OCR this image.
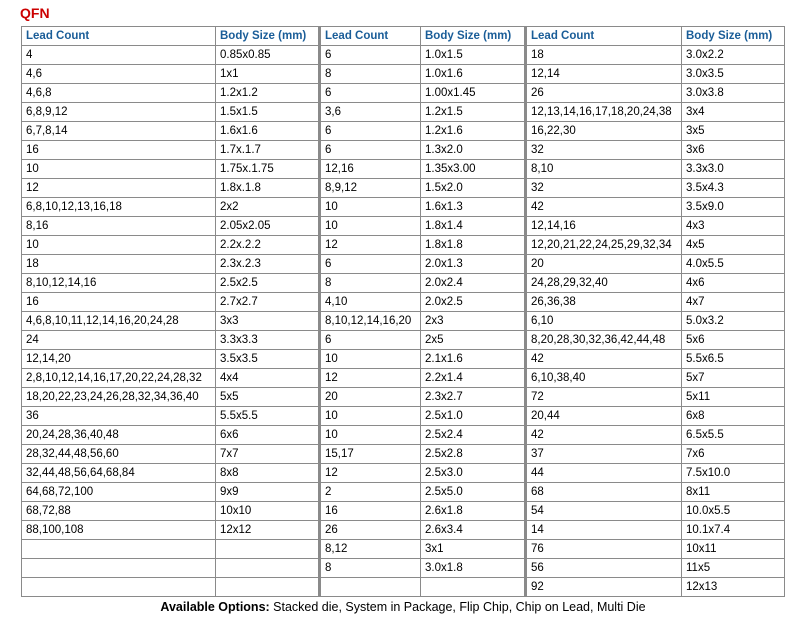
QFN
Lead Count	Body Size (mm)	Lead Count	Body Size (mm)	Lead Count	Body Size (mm)
4	0.85x0.85	6	1.0x1.5	18	3.0x2.2
4,6	1x1	8	1.0x1.6	12,14	3.0x3.5
4,6,8	1.2x1.2	6	1.00x1.45	26	3.0x3.8
6,8,9,12	1.5x1.5	3,6	1.2x1.5	12,13,14,16,17,18,20,24,38	3x4
6,7,8,14	1.6x1.6	6	1.2x1.6	16,22,30	3x5
16	1.7x.1.7	6	1.3x2.0	32	3x6
10	1.75x.1.75	12,16	1.35x3.00	8,10	3.3x3.0
12	1.8x.1.8	8,9,12	1.5x2.0	32	3.5x4.3
6,8,10,12,13,16,18	2x2	10	1.6x1.3	42	3.5x9.0
8,16	2.05x2.05	10	1.8x1.4	12,14,16	4x3
10	2.2x.2.2	12	1.8x1.8	12,20,21,22,24,25,29,32,34	4x5
18	2.3x.2.3	6	2.0x1.3	20	4.0x5.5
8,10,12,14,16	2.5x2.5	8	2.0x2.4	24,28,29,32,40	4x6
16	2.7x2.7	4,10	2.0x2.5	26,36,38	4x7
4,6,8,10,11,12,14,16,20,24,28	3x3	8,10,12,14,16,20	2x3	6,10	5.0x3.2
24	3.3x3.3	6	2x5	8,20,28,30,32,36,42,44,48	5x6
12,14,20	3.5x3.5	10	2.1x1.6	42	5.5x6.5
2,8,10,12,14,16,17,20,22,24,28,32	4x4	12	2.2x1.4	6,10,38,40	5x7
18,20,22,23,24,26,28,32,34,36,40	5x5	20	2.3x2.7	72	5x11
36	5.5x5.5	10	2.5x1.0	20,44	6x8
20,24,28,36,40,48	6x6	10	2.5x2.4	42	6.5x5.5
28,32,44,48,56,60	7x7	15,17	2.5x2.8	37	7x6
32,44,48,56,64,68,84	8x8	12	2.5x3.0	44	7.5x10.0
64,68,72,100	9x9	2	2.5x5.0	68	8x11
68,72,88	10x10	16	2.6x1.8	54	10.0x5.5
88,100,108	12x12	26	2.6x3.4	14	10.1x7.4
		8,12	3x1	76	10x11
		8	3.0x1.8	56	11x5
				92	12x13
Available Options: Stacked die, System in Package, Flip Chip, Chip on Lead, Multi Die
